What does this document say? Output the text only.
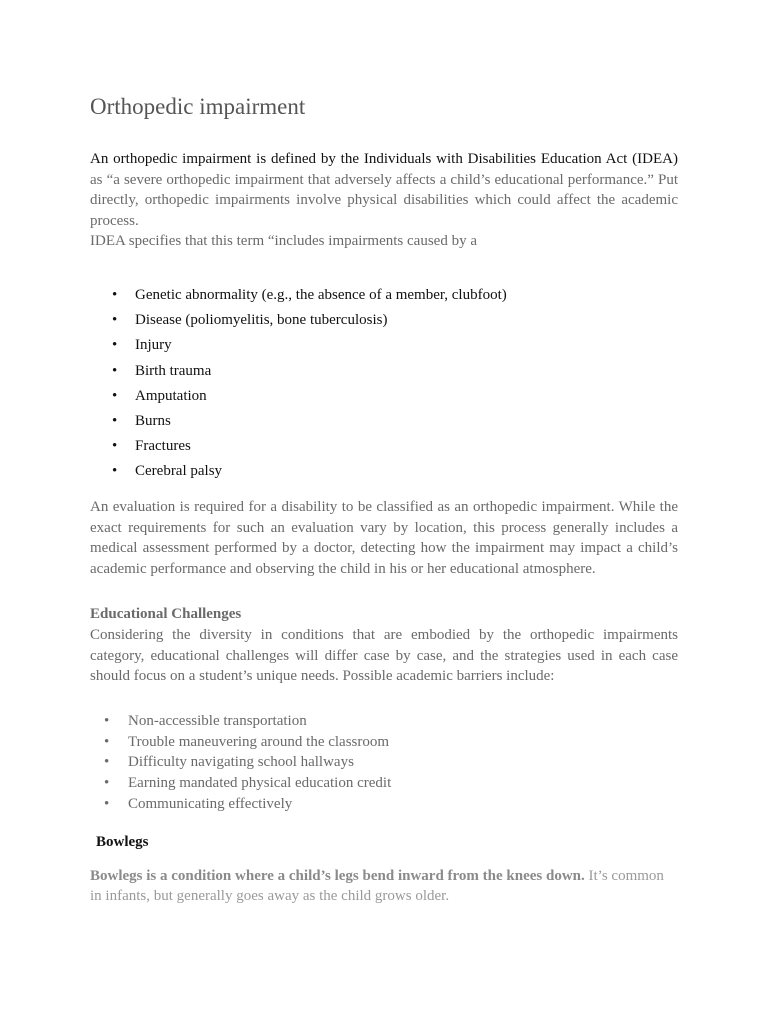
Orthopedic impairment

An orthopedic impairment is defined by the Individuals with Disabilities Education Act (IDEA) as “a severe orthopedic impairment that adversely affects a child’s educational performance.” Put directly, orthopedic impairments involve physical disabilities which could affect the academic process.

IDEA specifies that this term “includes impairments caused by a

• Genetic abnormality (e.g., the absence of a member, clubfoot)
• Disease (poliomyelitis, bone tuberculosis)
• Injury
• Birth trauma
• Amputation
• Burns
• Fractures
• Cerebral palsy

An evaluation is required for a disability to be classified as an orthopedic impairment. While the exact requirements for such an evaluation vary by location, this process generally includes a medical assessment performed by a doctor, detecting how the impairment may impact a child’s academic performance and observing the child in his or her educational atmosphere.

Educational Challenges

Considering the diversity in conditions that are embodied by the orthopedic impairments category, educational challenges will differ case by case, and the strategies used in each case should focus on a student’s unique needs. Possible academic barriers include:

• Non-accessible transportation
• Trouble maneuvering around the classroom
• Difficulty navigating school hallways
• Earning mandated physical education credit
• Communicating effectively
Bowlegs

Bowlegs is a condition where a child’s legs bend inward from the knees down. It’s common in infants, but generally goes away as the child grows older.
